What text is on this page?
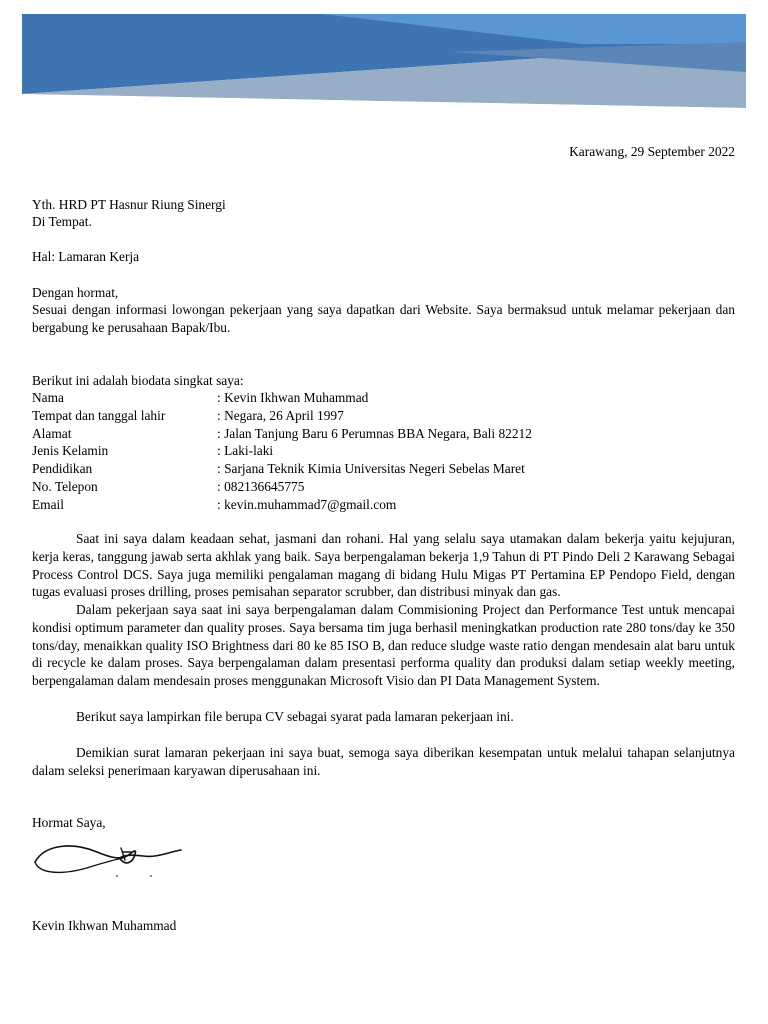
Karawang, 29 September 2022
Yth. HRD PT Hasnur Riung Sinergi
Di Tempat.
Hal: Lamaran Kerja
Dengan hormat,
Sesuai dengan informasi lowongan pekerjaan yang saya dapatkan dari Website. Saya bermaksud untuk melamar pekerjaan dan bergabung ke perusahaan Bapak/Ibu.
Berikut ini adalah biodata singkat saya:
Nama	: Kevin Ikhwan Muhammad
Tempat dan tanggal lahir	: Negara, 26 April 1997
Alamat	: Jalan Tanjung Baru 6 Perumnas BBA Negara, Bali 82212
Jenis Kelamin	: Laki-laki
Pendidikan	: Sarjana Teknik Kimia Universitas Negeri Sebelas Maret
No. Telepon	: 082136645775
Email	: kevin.muhammad7@gmail.com
Saat ini saya dalam keadaan sehat, jasmani dan rohani. Hal yang selalu saya utamakan dalam bekerja yaitu kejujuran, kerja keras, tanggung jawab serta akhlak yang baik. Saya berpengalaman bekerja 1,9 Tahun di PT Pindo Deli 2 Karawang Sebagai Process Control DCS. Saya juga memiliki pengalaman magang di bidang Hulu Migas PT Pertamina EP Pendopo Field, dengan tugas evaluasi proses drilling, proses pemisahan separator scrubber, dan distribusi minyak dan gas.
Dalam pekerjaan saya saat ini saya berpengalaman dalam Commisioning Project dan Performance Test untuk mencapai kondisi optimum parameter dan quality proses. Saya bersama tim juga berhasil meningkatkan production rate 280 tons/day ke 350 tons/day, menaikkan quality ISO Brightness dari 80 ke 85 ISO B, dan reduce sludge waste ratio dengan mendesain alat baru untuk di recycle ke dalam proses. Saya berpengalaman dalam presentasi performa quality dan produksi dalam setiap weekly meeting, berpengalaman dalam mendesain proses menggunakan Microsoft Visio dan PI Data Management System.
Berikut saya lampirkan file berupa CV sebagai syarat pada lamaran pekerjaan ini.
Demikian surat lamaran pekerjaan ini saya buat, semoga saya diberikan kesempatan untuk melalui tahapan selanjutnya dalam seleksi penerimaan karyawan diperusahaan ini.
Hormat Saya,
Kevin Ikhwan Muhammad
